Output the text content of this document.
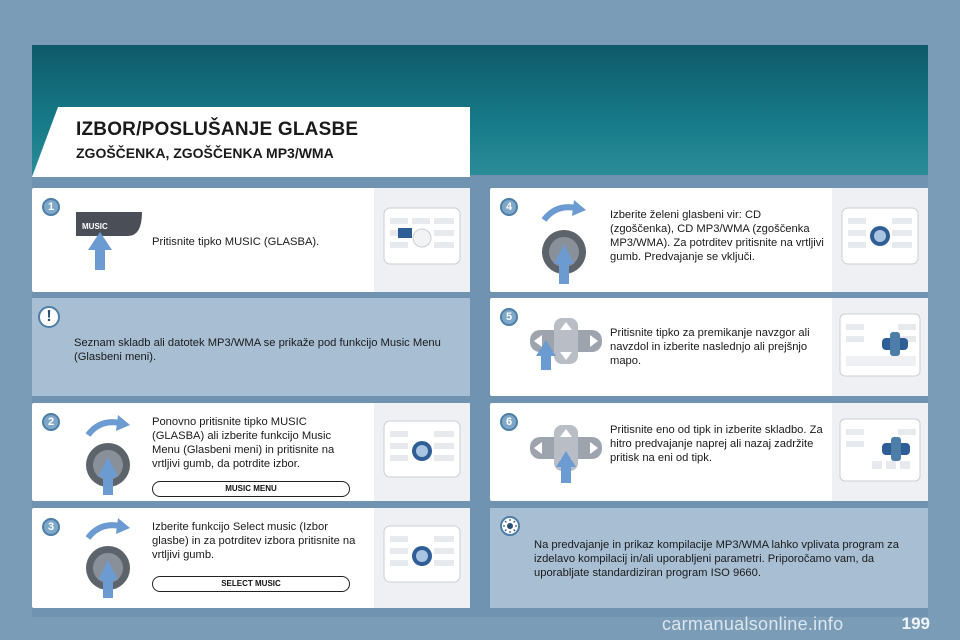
IZBOR/POSLUŠANJE GLASBE
ZGOŠČENKA, ZGOŠČENKA MP3/WMA
1
MUSIC
Pritisnite tipko MUSIC (GLASBA).
!
Seznam skladb ali datotek MP3/WMA se prikaže pod funkcijo Music Menu (Glasbeni meni).
2	Ponovno pritisnite tipko MUSIC (GLASBA) ali izberite funkcijo Music Menu (Glasbeni meni) in pritisnite na vrtljivi gumb, da potrdite izbor.
MUSIC MENU
3	Izberite funkcijo Select music (Izbor glasbe) in za potrditev izbora pritisnite na vrtljivi gumb.
SELECT MUSIC
4
Izberite želeni glasbeni vir: CD (zgoščenka), CD MP3/WMA (zgoščenka MP3/WMA). Za potrditev pritisnite na vrtljivi gumb. Predvajanje se vključi.
5
Pritisnite tipko za premikanje navzgor ali navzdol in izberite naslednjo ali prejšnjo mapo.
6
Pritisnite eno od tipk in izberite skladbo. Za hitro predvajanje naprej ali nazaj zadržite pritisk na eni od tipk.
Na predvajanje in prikaz kompilacije MP3/WMA lahko vplivata program za izdelavo kompilacij in/ali uporabljeni parametri. Priporočamo vam, da uporabljate standardiziran program ISO 9660.
199
carmanualsonline.info
